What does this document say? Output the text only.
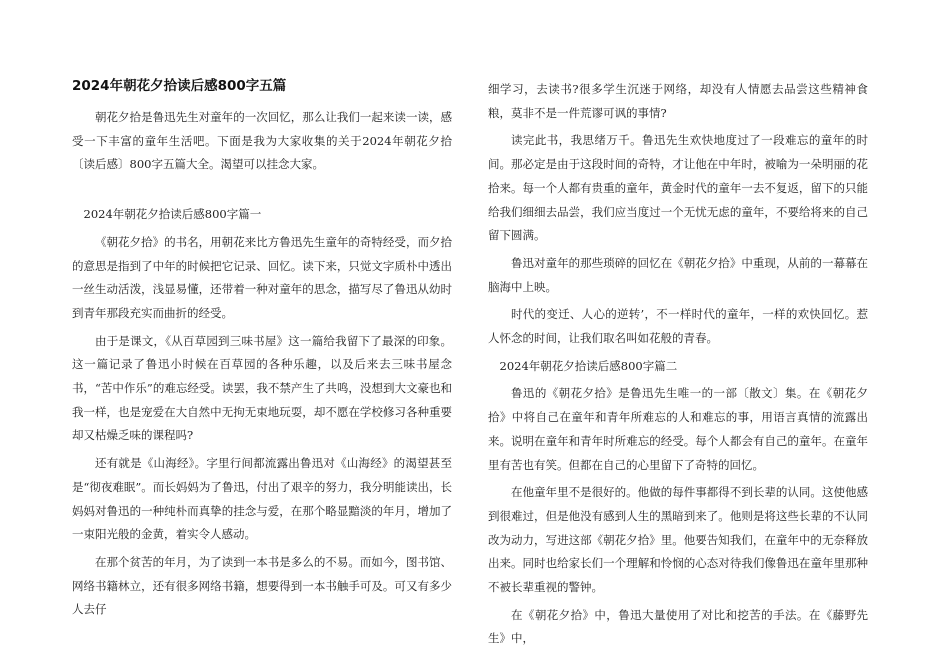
2024年朝花夕拾读后感800字五篇

朝花夕拾是鲁迅先生对童年的一次回忆，那么让我们一起来读一读，感受一下丰富的童年生活吧。下面是我为大家收集的关于2024年朝花夕拾〔读后感〕800字五篇大全。渴望可以挂念大家。

2024年朝花夕拾读后感800字篇一

《朝花夕拾》的书名，用朝花来比方鲁迅先生童年的奇特经受，而夕拾的意思是指到了中年的时候把它记录、回忆。读下来，只觉文字质朴中透出一丝生动活泼，浅显易懂，还带着一种对童年的思念，描写尽了鲁迅从幼时到青年那段充实而曲折的经受。

由于是课文，《从百草园到三味书屋》这一篇给我留下了最深的印象。这一篇记录了鲁迅小时候在百草园的各种乐趣，以及后来去三味书屋念书，“苦中作乐”的难忘经受。读罢，我不禁产生了共鸣，没想到大文豪也和我一样，也是宠爱在大自然中无拘无束地玩耍，却不愿在学校修习各种重要却又枯燥乏味的课程吗?

还有就是《山海经》。字里行间都流露出鲁迅对《山海经》的渴望甚至是“彻夜难眠”。而长妈妈为了鲁迅，付出了艰辛的努力，我分明能读出，长妈妈对鲁迅的一种纯朴而真挚的挂念与爱，在那个略显黯淡的年月，增加了一束阳光般的金黄，着实令人感动。

在那个贫苦的年月，为了读到一本书是多么的不易。而如今，图书馆、网络书籍林立，还有很多网络书籍，想要得到一本书触手可及。可又有多少人去仔

细学习，去读书?很多学生沉迷于网络，却没有人情愿去品尝这些精神食粮，莫非不是一件荒谬可讽的事情?

读完此书，我思绪万千。鲁迅先生欢快地度过了一段难忘的童年的时间。那必定是由于这段时间的奇特，才让他在中年时，被喻为一朵明丽的花拾来。每一个人都有贵重的童年，黄金时代的童年一去不复返，留下的只能给我们细细去品尝，我们应当度过一个无忧无虑的童年，不要给将来的自己留下圆满。

鲁迅对童年的那些琐碎的回忆在《朝花夕拾》中重现，从前的一幕幕在脑海中上映。

时代的变迁、人心的逆转’，不一样时代的童年，一样的欢快回忆。惹人怀念的时间，让我们取名叫如花般的青春。

2024年朝花夕拾读后感800字篇二

鲁迅的《朝花夕拾》是鲁迅先生唯一的一部〔散文〕集。在《朝花夕拾》中将自己在童年和青年所难忘的人和难忘的事，用语言真情的流露出来。说明在童年和青年时所难忘的经受。每个人都会有自己的童年。在童年里有苦也有笑。但都在自己的心里留下了奇特的回忆。

在他童年里不是很好的。他做的每件事都得不到长辈的认同。这使他感到很难过，但是他没有感到人生的黑暗到来了。他则是将这些长辈的不认同改为动力，写进这部《朝花夕拾》里。他要告知我们，在童年中的无奈释放出来。同时也给家长们一个理解和怜悯的心态对待我们像鲁迅在童年里那种不被长辈重视的警钟。

在《朝花夕拾》中，鲁迅大量使用了对比和挖苦的手法。在《藤野先生》中，
